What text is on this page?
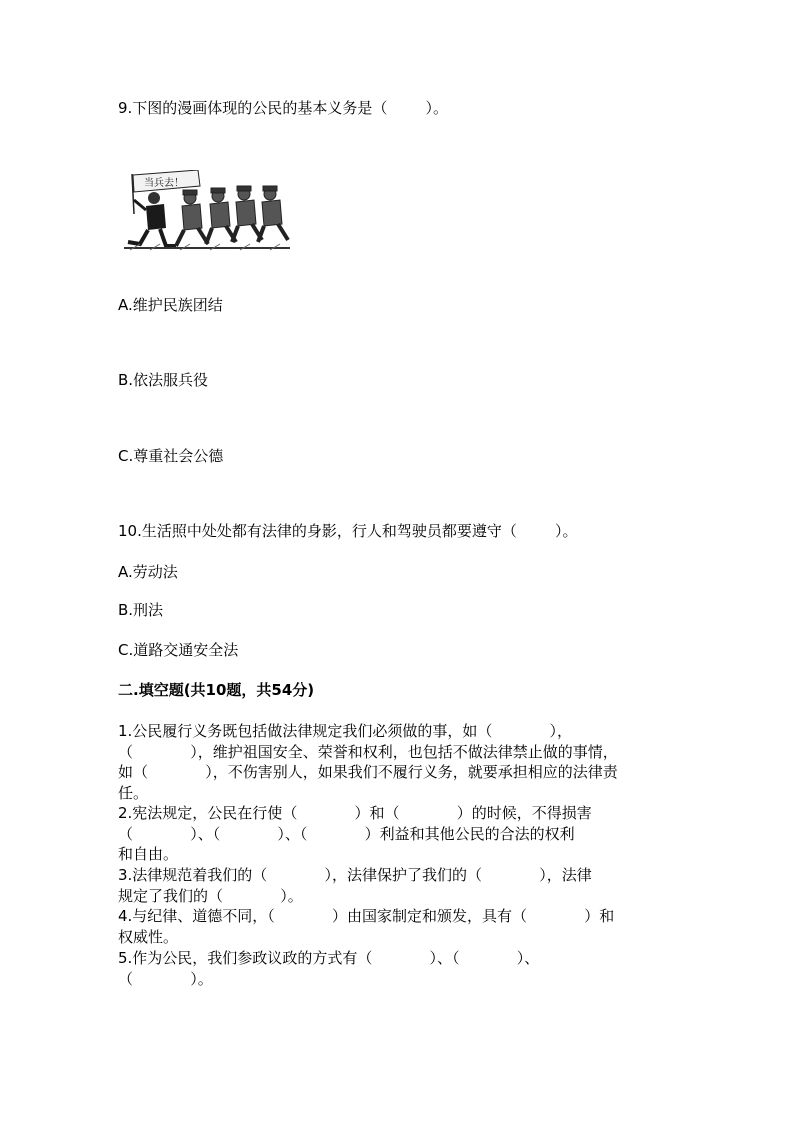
9.下图的漫画体现的公民的基本义务是（        ）。
当兵去！
A.维护民族团结
B.依法服兵役
C.尊重社会公德
10.生活照中处处都有法律的身影，行人和驾驶员都要遵守（        ）。
A.劳动法
B.刑法
C.道路交通安全法
二.填空题(共10题，共54分)

1.公民履行义务既包括做法律规定我们必须做的事，如（            ），

（            ），维护祖国安全、荣誉和权利，也包括不做法律禁止做的事情，

如（            ），不伤害别人，如果我们不履行义务，就要承担相应的法律责

任。

2.宪法规定，公民在行使（            ）和（            ）的时候，不得损害

（            ）、（            ）、（            ）利益和其他公民的合法的权利

和自由。

3.法律规范着我们的（            ），法律保护了我们的（            ），法律

规定了我们的（            ）。

4.与纪律、道德不同，（            ）由国家制定和颁发，具有（            ）和

权威性。

5.作为公民，我们参政议政的方式有（            ）、（            ）、

（            ）。
